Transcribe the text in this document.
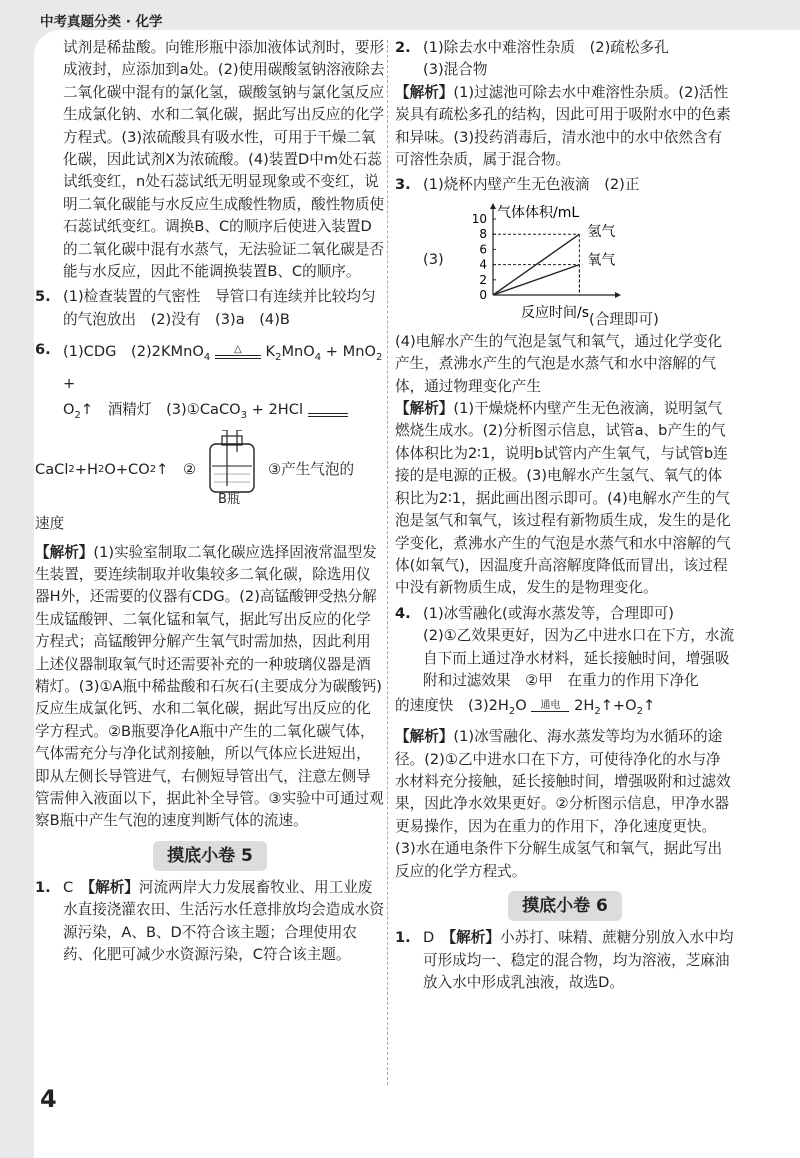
中考真题分类 · 化学

试剂是稀盐酸。向锥形瓶中添加液体试剂时，要形成液封，应添加到a处。(2)使用碳酸氢钠溶液除去二氧化碳中混有的氯化氢，碳酸氢钠与氯化氢反应生成氯化钠、水和二氧化碳，据此写出反应的化学方程式。(3)浓硫酸具有吸水性，可用于干燥二氧化碳，因此试剂X为浓硫酸。(4)装置D中m处石蕊试纸变红，n处石蕊试纸无明显现象或不变红，说明二氧化碳能与水反应生成酸性物质，酸性物质使石蕊试纸变红。调换B、C的顺序后使进入装置D的二氧化碳中混有水蒸气，无法验证二氧化碳是否能与水反应，因此不能调换装置B、C的顺序。

5. (1)检查装置的气密性　导管口有连续并比较均匀的气泡放出　(2)没有　(3)a　(4)B

6. (1)CDG　(2)2KMnO$_4$
△	$K_2MnO_4 + MnO_2$ +
$O_2↑$　酒精灯　(3)①CaCO$_3$ + 2HCl

CaCl 2 +H 2 O+CO 2 ↑　②
B瓶
③产生气泡的

速度

【解析】(1)实验室制取二氧化碳应选择固液常温型发生装置，要连续制取并收集较多二氧化碳，除选用仪器H外，还需要的仪器有CDG。(2)高锰酸钾受热分解生成锰酸钾、二氧化锰和氧气，据此写出反应的化学方程式；高锰酸钾分解产生氧气时需加热，因此利用上述仪器制取氧气时还需要补充的一种玻璃仪器是酒精灯。(3)①A瓶中稀盐酸和石灰石(主要成分为碳酸钙)反应生成氯化钙、水和二氧化碳，据此写出反应的化学方程式。②B瓶要净化A瓶中产生的二氧化碳气体，气体需充分与净化试剂接触，所以气体应长进短出，即从左侧长导管进气，右侧短导管出气，注意左侧导管需伸入液面以下，据此补全导管。③实验中可通过观察B瓶中产生气泡的速度判断气体的流速。

摸底小卷 5
1. C　 【解析】河流两岸大力发展畜牧业、用工业废水直接浇灌农田、生活污水任意排放均会造成水资源污染，A、B、D不符合该主题；合理使用农药、化肥可减少水资源污染，C符合该主题。

2. (1)除去水中难溶性杂质　(2)疏松多孔

(3)混合物

【解析】(1)过滤池可除去水中难溶性杂质。(2)活性炭具有疏松多孔的结构，因此可用于吸附水中的色素和异味。(3)投药消毒后，清水池中的水中依然含有可溶性杂质，属于混合物。

3. (1)烧杯内壁产生无色液滴　(2)正

(3)
0
2
4
6
8
10
氢气
氧气
气体体积/mL
反应时间/s (合理即可)

(4)电解水产生的气泡是氢气和氧气，通过化学变化产生，煮沸水产生的气泡是水蒸气和水中溶解的气体，通过物理变化产生

【解析】(1)干燥烧杯内壁产生无色液滴，说明氢气燃烧生成水。(2)分析图示信息，试管a、b产生的气体体积比为2∶1，说明b试管内产生氧气，与试管b连接的是电源的正极。(3)电解水产生氢气、氧气的体积比为2∶1，据此画出图示即可。(4)电解水产生的气泡是氢气和氧气，该过程有新物质生成，发生的是化学变化，煮沸水产生的气泡是水蒸气和水中溶解的气体(如氧气)，因温度升高溶解度降低而冒出，该过程中没有新物质生成，发生的是物理变化。

4. (1)冰雪融化(或海水蒸发等，合理即可)

(2)①乙效果更好，因为乙中进水口在下方，水流自下而上通过净水材料，延长接触时间，增强吸附和过滤效果　②甲　在重力的作用下净化

的速度快　$(3)2H_2O$	通电 $2H_2↑+O_2↑$

【解析】(1)冰雪融化、海水蒸发等均为水循环的途径。(2)①乙中进水口在下方，可使待净化的水与净水材料充分接触，延长接触时间，增强吸附和过滤效果，因此净水效果更好。②分析图示信息，甲净水器更易操作，因为在重力的作用下，净化速度更快。(3)水在通电条件下分解生成氢气和氧气，据此写出反应的化学方程式。

摸底小卷 6
1. D　 【解析】小苏打、味精、蔗糖分别放入水中均可形成均一、稳定的混合物，均为溶液，芝麻油放入水中形成乳浊液，故选D。

4
